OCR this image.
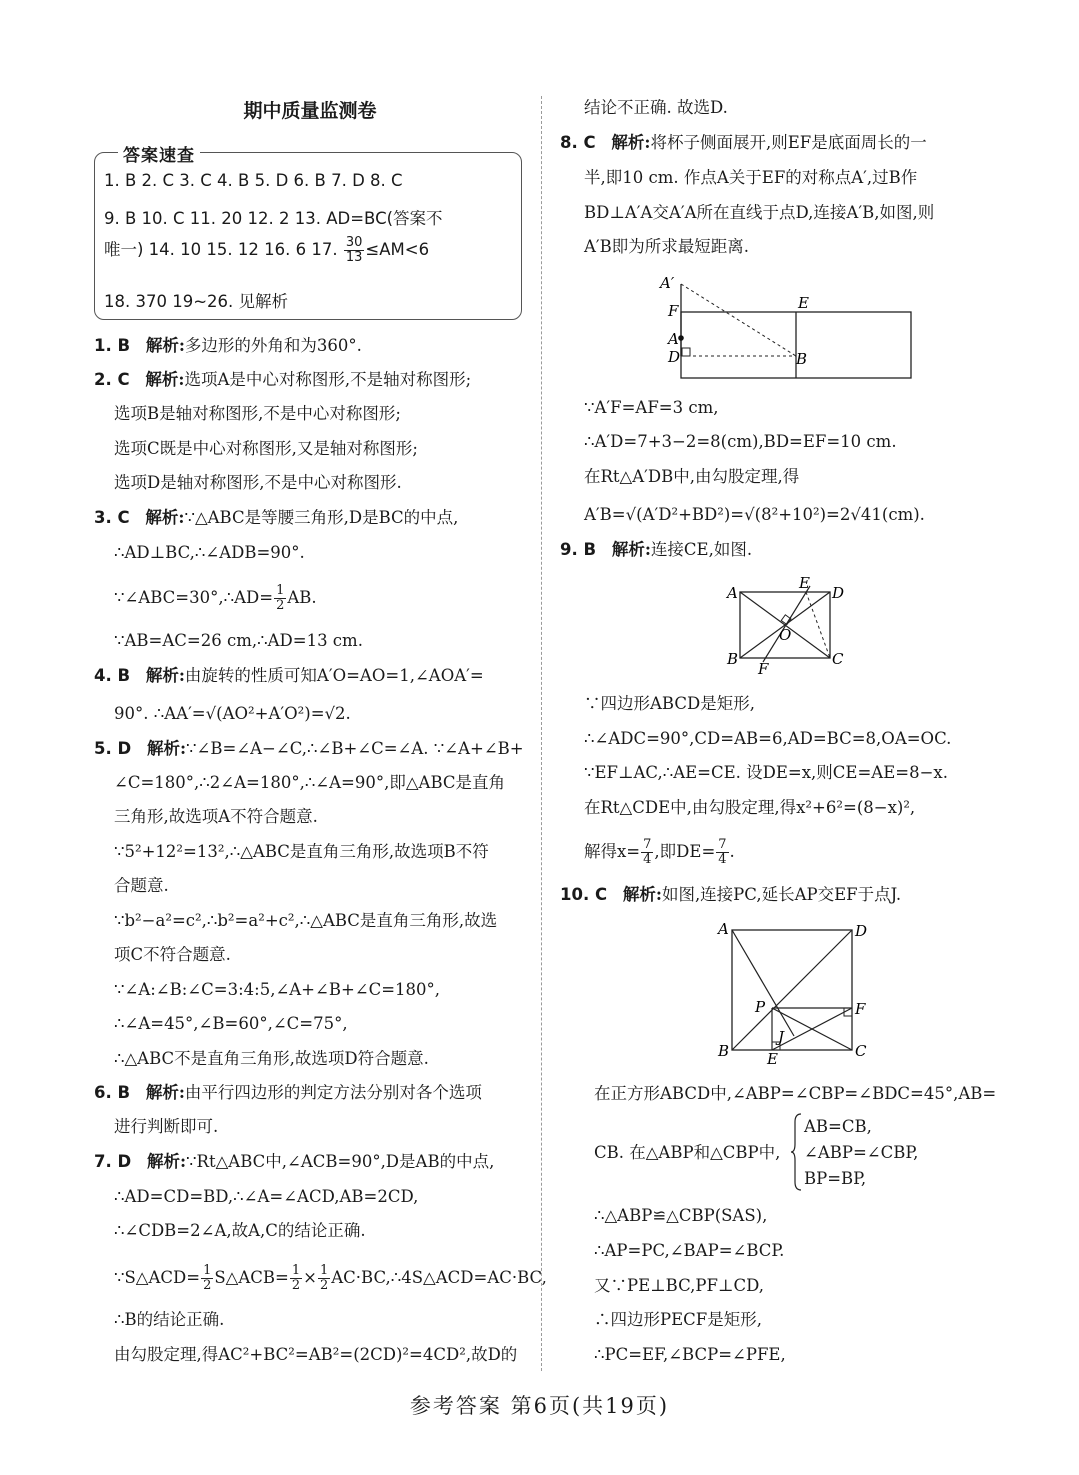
期中质量监测卷
答案速查
1. B 2. C 3. C 4. B 5. D 6. B 7. D 8. C
9. B 10. C 11. 20 12. 2 13. AD=BC(答案不
唯一) 14. 10 15. 12 16. 6 17. $\frac{30}{13} \le AM<6$
18. 370 19~26. 见解析
1. B 解析:多边形的外角和为360°.
2. C 解析:选项A是中心对称图形,不是轴对称图形;
选项B是轴对称图形,不是中心对称图形;
选项C既是中心对称图形,又是轴对称图形;
选项D是轴对称图形,不是中心对称图形.
3. C 解析:∵△ABC是等腰三角形,D是BC的中点,
∴AD⊥BC,∴∠ADB=90°.
∵∠ABC=30°,∴AD= $\frac{1}{2}$ AB.
∵AB=AC=26 cm,∴AD=13 cm.
4. B 解析:由旋转的性质可知A′O=AO=1,∠AOA′=
90°. ∴AA′=√(AO²+A′O²)=√2.
5. D 解析:∵∠B=∠A−∠C,∴∠B+∠C=∠A. ∵∠A+∠B+
∠C=180°,∴2∠A=180°,∴∠A=90°,即△ABC是直角
三角形,故选项A不符合题意.
∵5²+12²=13²,∴△ABC是直角三角形,故选项B不符
合题意.
∵b²−a²=c²,∴b²=a²+c²,∴△ABC是直角三角形,故选
项C不符合题意.
∵∠A:∠B:∠C=3:4:5,∠A+∠B+∠C=180°,
∴∠A=45°,∠B=60°,∠C=75°,
∴△ABC不是直角三角形,故选项D符合题意.
6. B 解析:由平行四边形的判定方法分别对各个选项
进行判断即可.
7. D 解析:∵Rt△ABC中,∠ACB=90°,D是AB的中点,
∴AD=CD=BD,∴∠A=∠ACD,AB=2CD,
∴∠CDB=2∠A,故A,C的结论正确.
∵S△ACD= $\frac{1}{2}$ S△ACB= $\frac{1}{2} \times \frac{1}{2}$ AC·BC,∴4S△ACD=AC·BC,
∴B的结论正确.
由勾股定理,得AC²+BC²=AB²=(2CD)²=4CD²,故D的
结论不正确. 故选D.
8. C 解析:将杯子侧面展开,则EF是底面周长的一
半,即10 cm. 作点A关于EF的对称点A′,过B作
BD⊥A′A交A′A所在直线于点D,连接A′B,如图,则
A′B即为所求最短距离.
A′
F	E
A
D	B
∵A′F=AF=3 cm,
∴A′D=7+3−2=8(cm),BD=EF=10 cm.
在Rt△A′DB中,由勾股定理,得
A′B=√(A′D²+BD²)=√(8²+10²)=2√41(cm).
9. B 解析:连接CE,如图.
A
E
D
O
B
F
C
∵四边形ABCD是矩形,
∴∠ADC=90°,CD=AB=6,AD=BC=8,OA=OC.
∵EF⊥AC,∴AE=CE. 设DE=x,则CE=AE=8−x.
在Rt△CDE中,由勾股定理,得x²+6²=(8−x)²,
解得$x= \frac{7}{4}$ ,即$DE= \frac{7}{4}$ .
10. C 解析:如图,连接PC,延长AP交EF于点J.
A	D
P	F
J
B	E	C
在正方形ABCD中,∠ABP=∠CBP=∠BDC=45°,AB=
CB. 在△ABP和△CBP中,
AB=CB,
∠ABP=∠CBP,
BP=BP,
∴△ABP≌△CBP(SAS),
∴AP=PC,∠BAP=∠BCP.
又∵PE⊥BC,PF⊥CD,
∴四边形PECF是矩形,
∴PC=EF,∠BCP=∠PFE,
参考答案 第6页(共19页)
